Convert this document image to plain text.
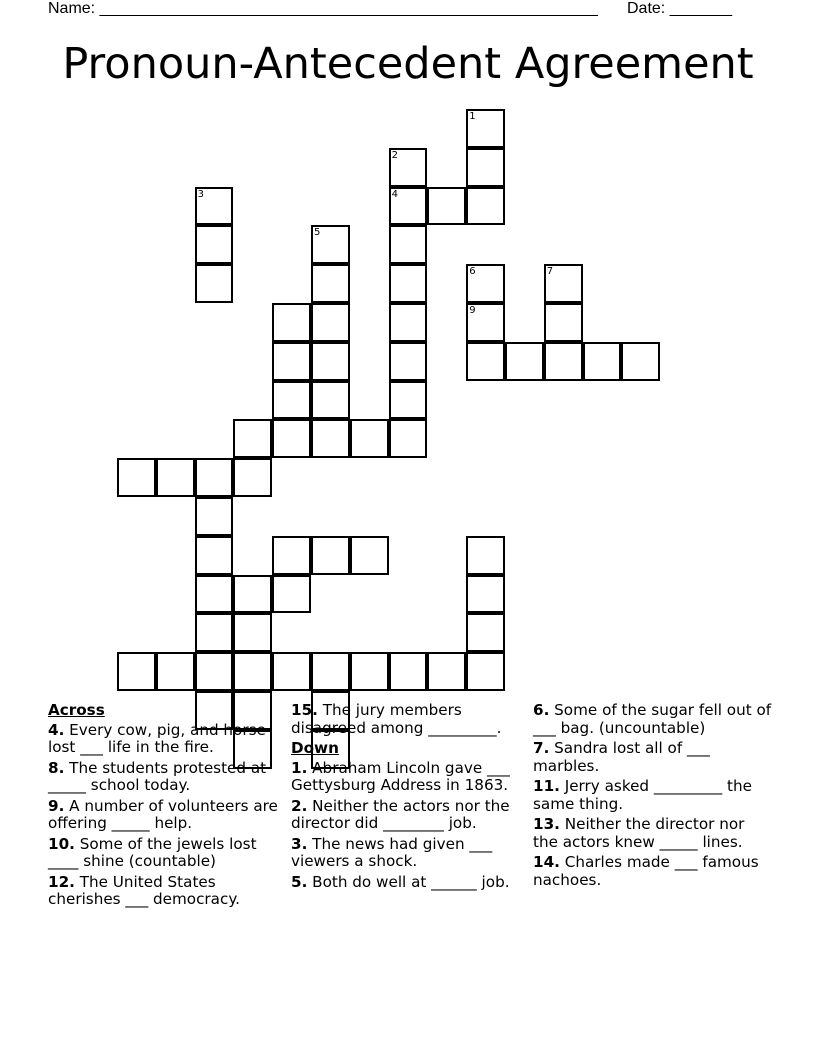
Name: ________________________________________________________ Date: _______
Pronoun-Antecedent Agreement
1
2
4
3
5
6
9
7
Across
4. Every cow, pig, and horse lost ___ life in the fire.
8. The students protested at _____ school today.
9. A number of volunteers are offering _____ help.
10. Some of the jewels lost ____ shine (countable)
12. The United States cherishes ___ democracy.
15. The jury members disagreed among _________.
Down
1. Abraham Lincoln gave ___ Gettysburg Address in 1863.
2. Neither the actors nor the director did ________ job.
3. The news had given ___ viewers a shock.
5. Both do well at ______ job.
6. Some of the sugar fell out of ___ bag. (uncountable)
7. Sandra lost all of ___ marbles.
11. Jerry asked _________ the same thing.
13. Neither the director nor the actors knew _____ lines.
14. Charles made ___ famous nachoes.
